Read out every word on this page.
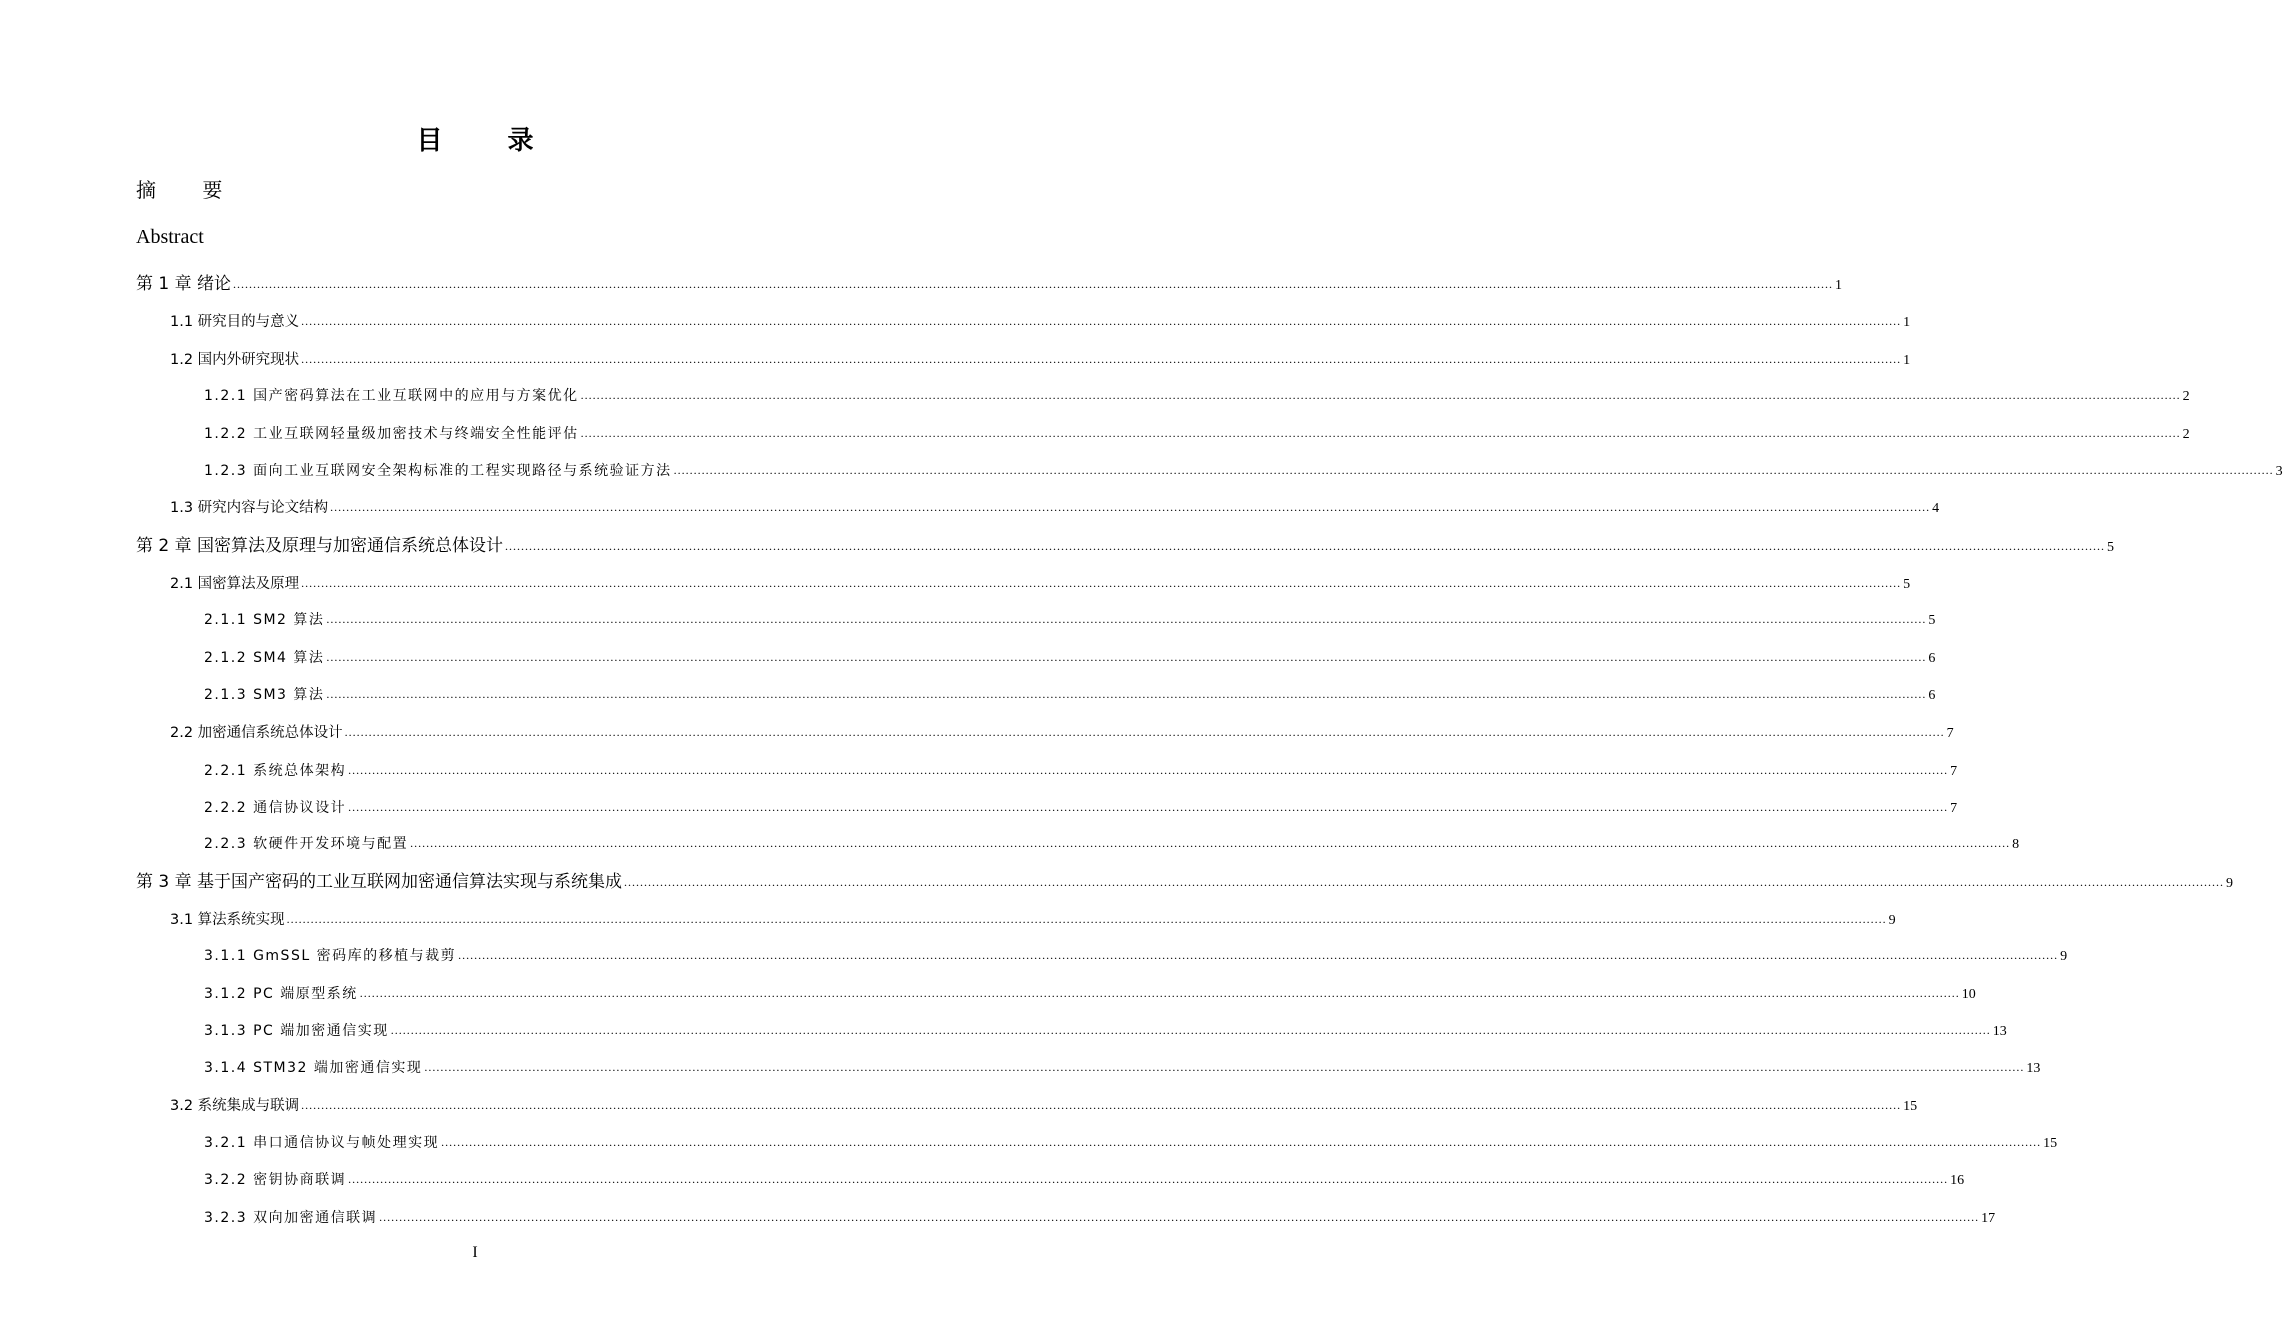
目 录
摘 要
Abstract
第 1 章 绪论 ................................................................................................................................................................................................................................................................................................................................................................................................................ 1
1.1 研究目的与意义 ................................................................................................................................................................................................................................................................................................................................................................................................................ 1
1.2 国内外研究现状 ................................................................................................................................................................................................................................................................................................................................................................................................................ 1
1.2.1 国产密码算法在工业互联网中的应用与方案优化 ................................................................................................................................................................................................................................................................................................................................................................................................................ 2
1.2.2 工业互联网轻量级加密技术与终端安全性能评估 ................................................................................................................................................................................................................................................................................................................................................................................................................ 2
1.2.3 面向工业互联网安全架构标准的工程实现路径与系统验证方法 ................................................................................................................................................................................................................................................................................................................................................................................................................ 3
1.3 研究内容与论文结构 ................................................................................................................................................................................................................................................................................................................................................................................................................ 4
第 2 章 国密算法及原理与加密通信系统总体设计 ................................................................................................................................................................................................................................................................................................................................................................................................................ 5
2.1 国密算法及原理 ................................................................................................................................................................................................................................................................................................................................................................................................................ 5
2.1.1 SM2 算法 ................................................................................................................................................................................................................................................................................................................................................................................................................ 5
2.1.2 SM4 算法 ................................................................................................................................................................................................................................................................................................................................................................................................................ 6
2.1.3 SM3 算法 ................................................................................................................................................................................................................................................................................................................................................................................................................ 6
2.2 加密通信系统总体设计 ................................................................................................................................................................................................................................................................................................................................................................................................................ 7
2.2.1 系统总体架构 ................................................................................................................................................................................................................................................................................................................................................................................................................ 7
2.2.2 通信协议设计 ................................................................................................................................................................................................................................................................................................................................................................................................................ 7
2.2.3 软硬件开发环境与配置 ................................................................................................................................................................................................................................................................................................................................................................................................................ 8
第 3 章 基于国产密码的工业互联网加密通信算法实现与系统集成 ................................................................................................................................................................................................................................................................................................................................................................................................................ 9
3.1 算法系统实现 ................................................................................................................................................................................................................................................................................................................................................................................................................ 9
3.1.1 GmSSL 密码库的移植与裁剪 ................................................................................................................................................................................................................................................................................................................................................................................................................ 9
3.1.2 PC 端原型系统 ................................................................................................................................................................................................................................................................................................................................................................................................................ 10
3.1.3 PC 端加密通信实现 ................................................................................................................................................................................................................................................................................................................................................................................................................ 13
3.1.4 STM32 端加密通信实现 ................................................................................................................................................................................................................................................................................................................................................................................................................ 13
3.2 系统集成与联调 ................................................................................................................................................................................................................................................................................................................................................................................................................ 15
3.2.1 串口通信协议与帧处理实现 ................................................................................................................................................................................................................................................................................................................................................................................................................ 15
3.2.2 密钥协商联调 ................................................................................................................................................................................................................................................................................................................................................................................................................ 16
3.2.3 双向加密通信联调 ................................................................................................................................................................................................................................................................................................................................................................................................................ 17
I
